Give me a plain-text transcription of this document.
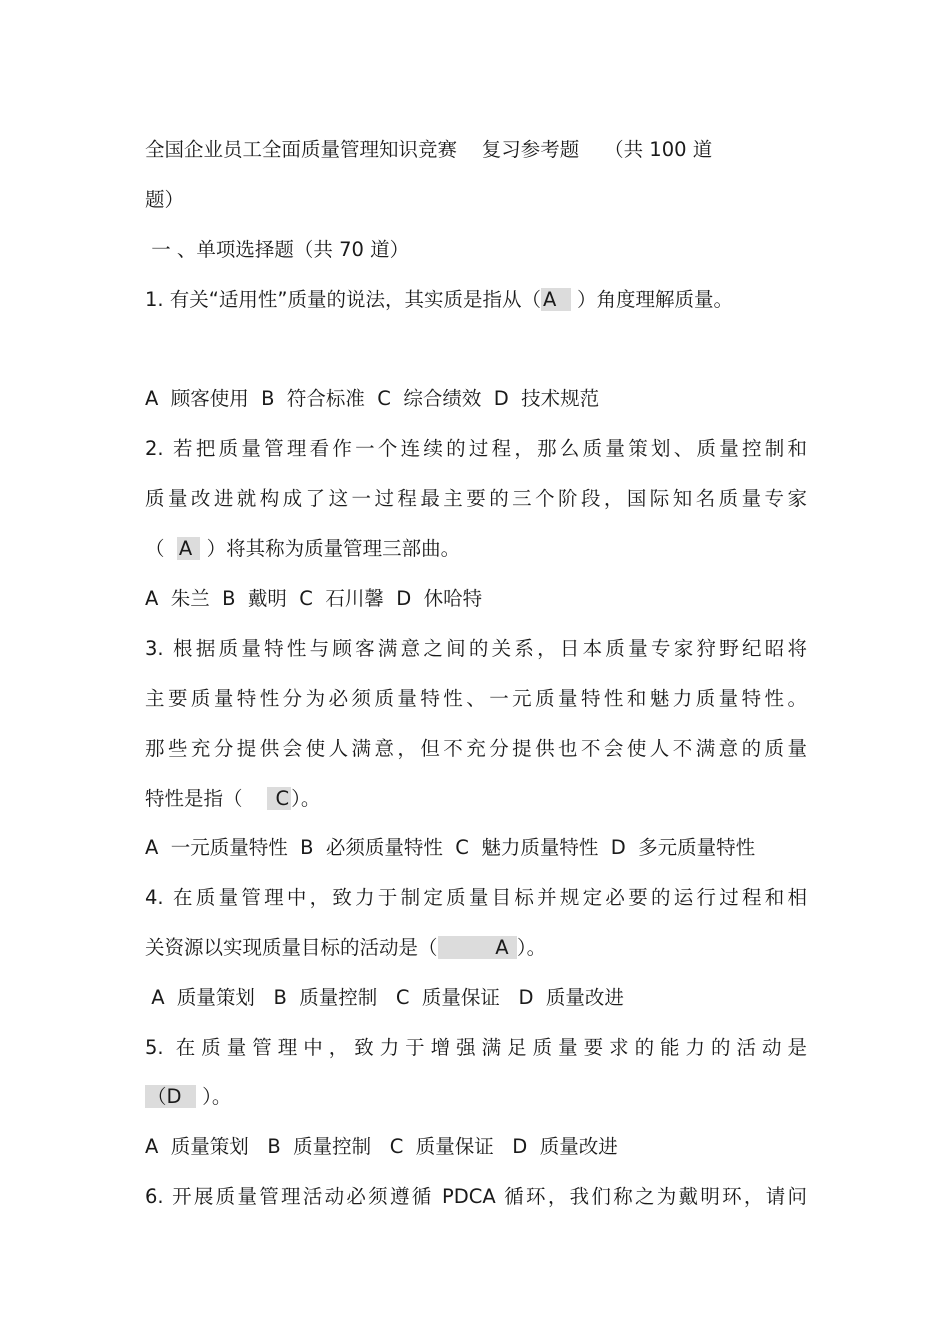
全国企业员工全面质量管理知识竞赛    复习参考题    （共 100 道
题）
一 、单项选择题（共 70 道）
1. 有关“适用性”质量的说法，其实质是指从（ A   ）角度理解质量。
A  顾客使用  B  符合标准  C  综合绩效  D  技术规范
2. 若把质量管理看作一个连续的过程，那么质量策划、质量控制和
质量改进就构成了这一过程最主要的三个阶段，国际知名质量专家
（  A  ）将其称为质量管理三部曲。
A  朱兰  B  戴明  C  石川馨  D  休哈特
3. 根据质量特性与顾客满意之间的关系，日本质量专家狩野纪昭将
主要质量特性分为必须质量特性、一元质量特性和魅力质量特性。
那些充分提供会使人满意，但不充分提供也不会使人不满意的质量
特性是指（     C ）。
A  一元质量特性  B  必须质量特性  C  魅力质量特性  D  多元质量特性
4. 在质量管理中，致力于制定质量目标并规定必要的运行过程和相
关资源以实现质量目标的活动是（         A ）。
A  质量策划   B  质量控制   C  质量保证   D  质量改进
5. 在质量管理中，致力于增强满足质量要求的能力的活动是
（D   ）。
A  质量策划   B  质量控制   C  质量保证   D  质量改进
6. 开展质量管理活动必须遵循 PDCA 循环，我们称之为戴明环，请问
